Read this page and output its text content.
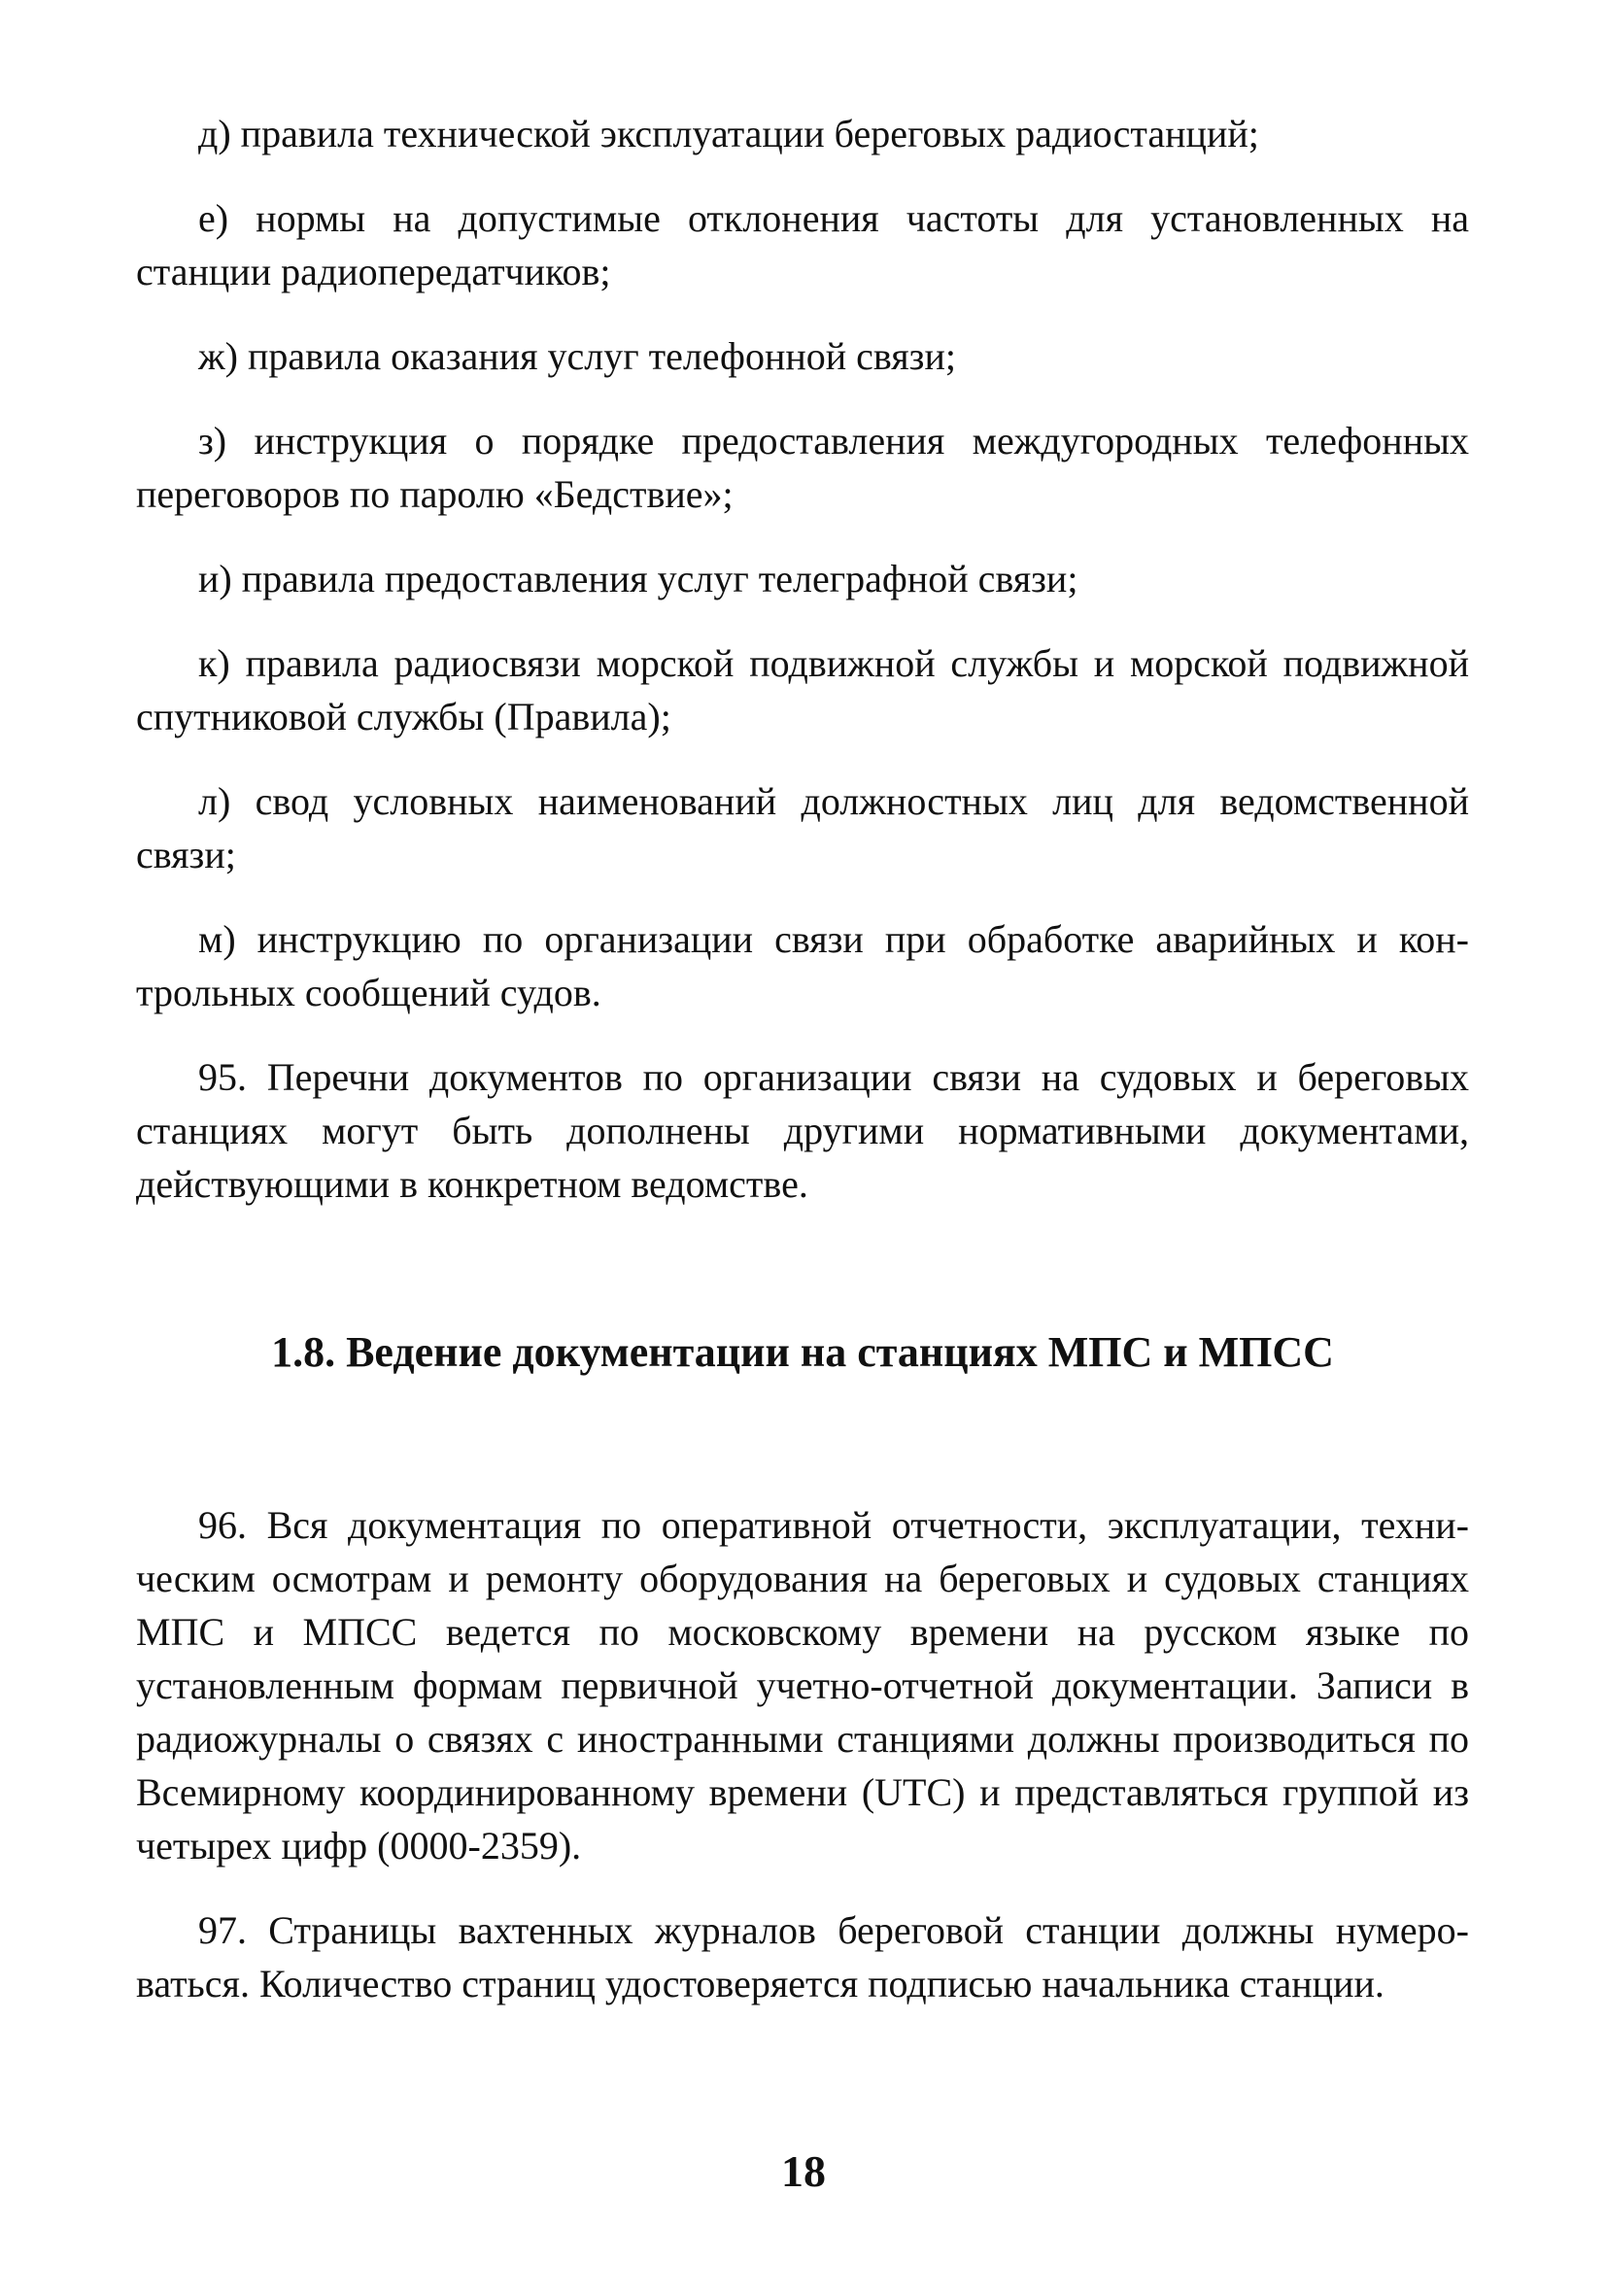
д) правила технической эксплуатации береговых радиостанций;

е) нормы на допустимые отклонения частоты для установленных на станции радиопередатчиков;

ж) правила оказания услуг телефонной связи;

з) инструкция о порядке предоставления междугородных телефонных переговоров по паролю «Бедствие»;

и) правила предоставления услуг телеграфной связи;

к) правила радиосвязи морской подвижной службы и морской подвижной спутниковой службы (Правила);

л) свод условных наименований должностных лиц для ведомственной связи;

м) инструкцию по организации связи при обработке аварийных и контрольных сообщений судов.

95. Перечни документов по организации связи на судовых и береговых станциях могут быть дополнены другими нормативными документами, действующими в конкретном ведомстве.

1.8. Ведение документации на станциях МПС и МПСС

96. Вся документация по оперативной отчетности, эксплуатации, техническим осмотрам и ремонту оборудования на береговых и судовых станциях МПС и МПСС ведется по московскому времени на русском языке по установленным формам первичной учетно-отчетной документации. Записи в радиожурналы о связях с иностранными станциями должны производиться по Всемирному координированному времени (UTC) и представляться группой из четырех цифр (0000-2359).

97. Страницы вахтенных журналов береговой станции должны нумероваться. Количество страниц удостоверяется подписью начальника станции.

18
